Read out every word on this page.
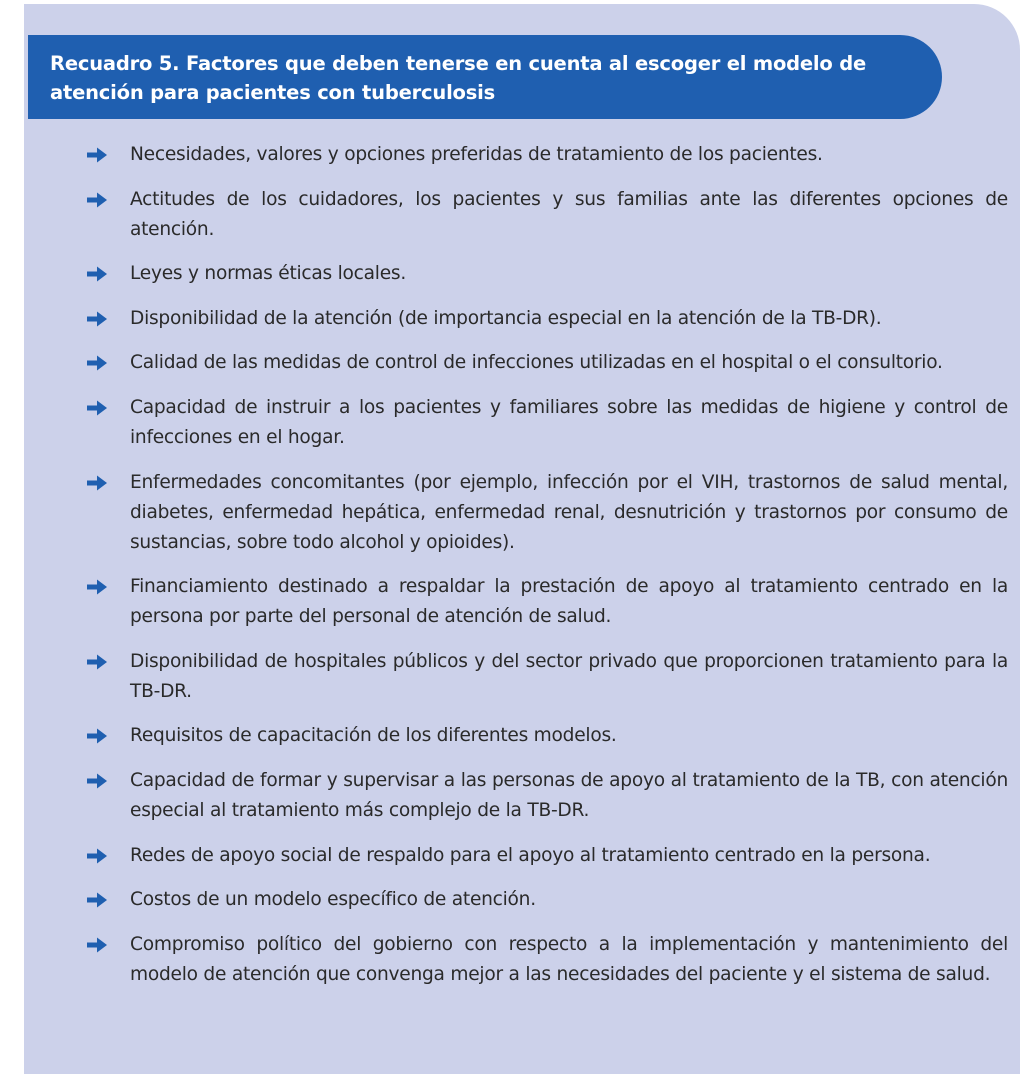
Recuadro 5. Factores que deben tenerse en cuenta al escoger el modelo de atención para pacientes con tuberculosis
Necesidades, valores y opciones preferidas de tratamiento de los pacientes.
Actitudes de los cuidadores, los pacientes y sus familias ante las diferentes opciones de atención.
Leyes y normas éticas locales.
Disponibilidad de la atención (de importancia especial en la atención de la TB-DR).
Calidad de las medidas de control de infecciones utilizadas en el hospital o el consultorio.
Capacidad de instruir a los pacientes y familiares sobre las medidas de higiene y control de infecciones en el hogar.
Enfermedades concomitantes (por ejemplo, infección por el VIH, trastornos de salud mental, diabetes, enfermedad hepática, enfermedad renal, desnutrición y trastornos por consumo de sustancias, sobre todo alcohol y opioides).
Financiamiento destinado a respaldar la prestación de apoyo al tratamiento centrado en la persona por parte del personal de atención de salud.
Disponibilidad de hospitales públicos y del sector privado que proporcionen tratamiento para la TB-DR.
Requisitos de capacitación de los diferentes modelos.
Capacidad de formar y supervisar a las personas de apoyo al tratamiento de la TB, con atención especial al tratamiento más complejo de la TB-DR.
Redes de apoyo social de respaldo para el apoyo al tratamiento centrado en la persona.
Costos de un modelo específico de atención.
Compromiso político del gobierno con respecto a la implementación y mantenimiento del modelo de atención que convenga mejor a las necesidades del paciente y el sistema de salud.
